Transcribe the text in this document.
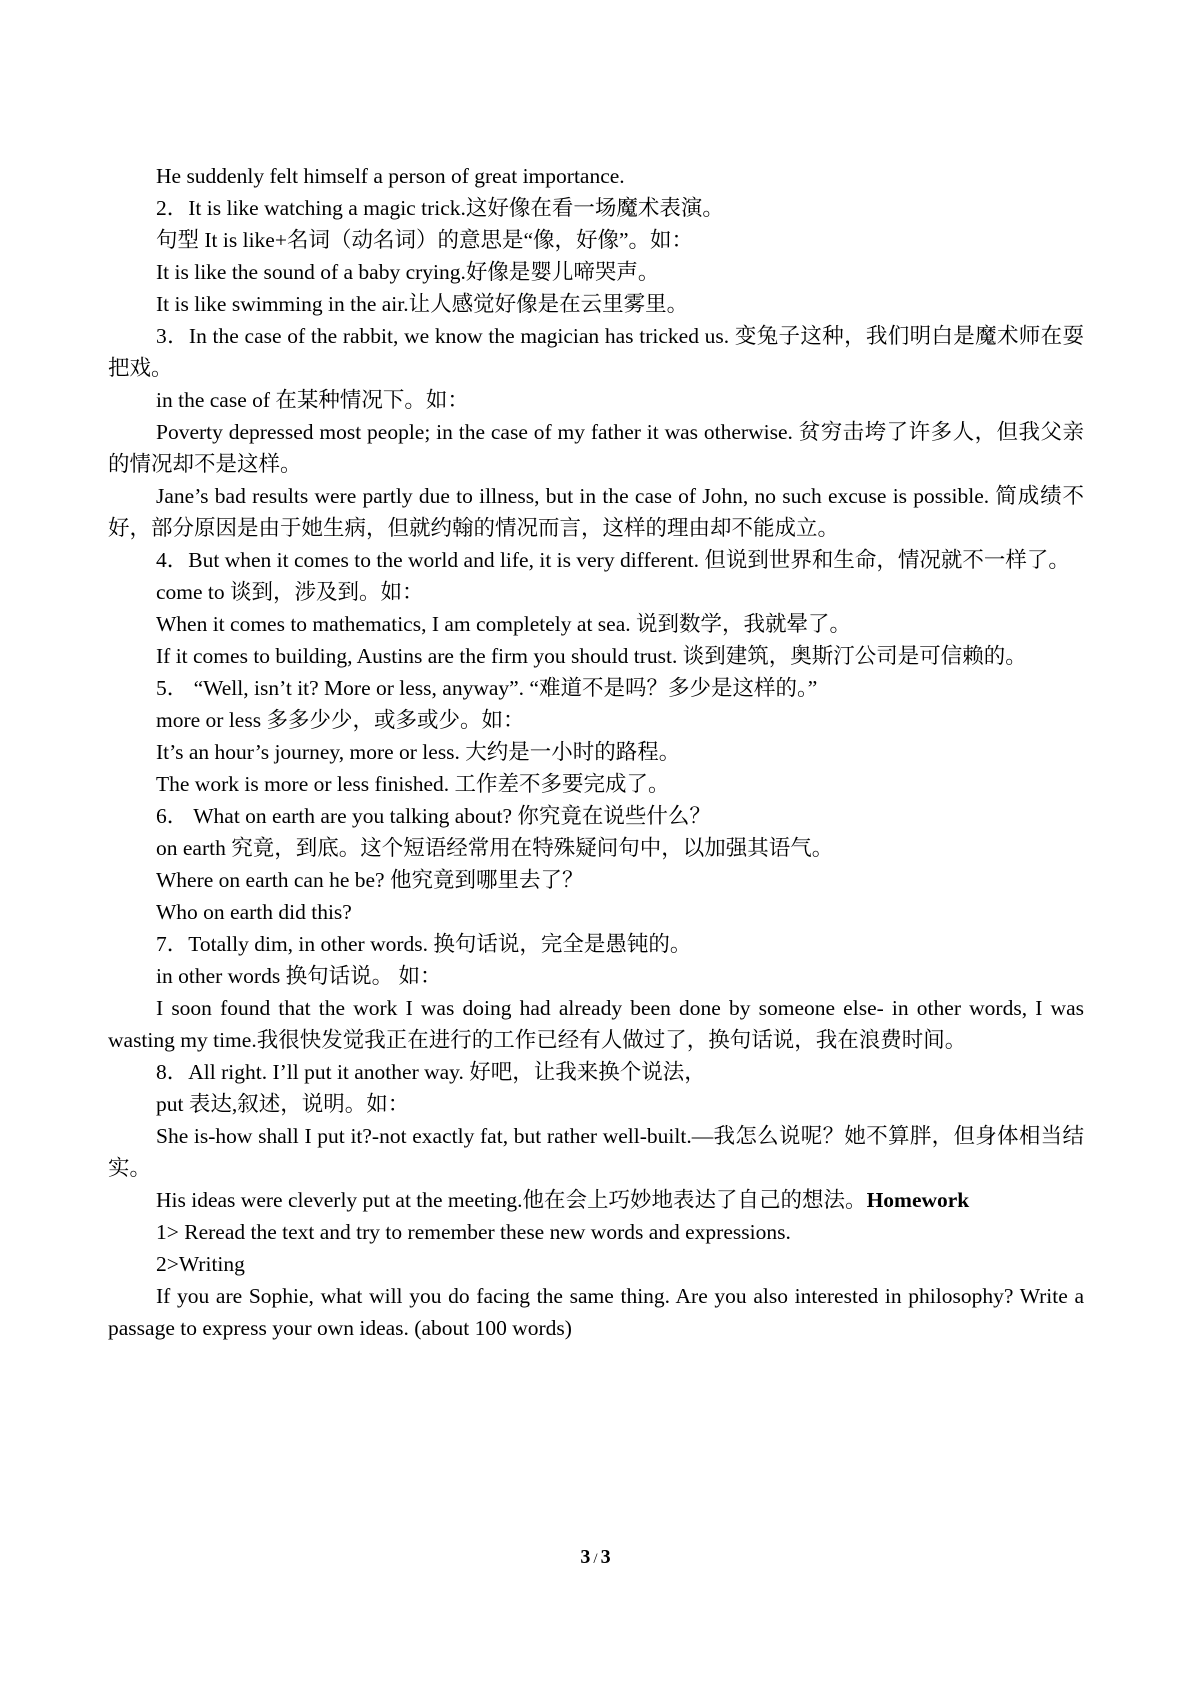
He suddenly felt himself a person of great importance.

2．It is like watching a magic trick.这好像在看一场魔术表演。

句型 It is like+名词（动名词）的意思是“像，好像”。如：

It is like the sound of a baby crying.好像是婴儿啼哭声。

It is like swimming in the air.让人感觉好像是在云里雾里。

3．In the case of the rabbit, we know the magician has tricked us. 变兔子这种，我们明白是魔术师在耍把戏。

in the case of 在某种情况下。如：

Poverty depressed most people; in the case of my father it was otherwise. 贫穷击垮了许多人，但我父亲的情况却不是这样。

Jane’s bad results were partly due to illness, but in the case of John, no such excuse is possible. 简成绩不好，部分原因是由于她生病，但就约翰的情况而言，这样的理由却不能成立。

4．But when it comes to the world and life, it is very different. 但说到世界和生命，情况就不一样了。

come to 谈到，涉及到。如：

When it comes to mathematics, I am completely at sea. 说到数学，我就晕了。

If it comes to building, Austins are the firm you should trust. 谈到建筑，奥斯汀公司是可信赖的。

5． “Well, isn’t it? More or less, anyway”. “难道不是吗？多少是这样的。”

more or less 多多少少，或多或少。如：

It’s an hour’s journey, more or less. 大约是一小时的路程。

The work is more or less finished. 工作差不多要完成了。

6． What on earth are you talking about? 你究竟在说些什么？

on earth 究竟，到底。这个短语经常用在特殊疑问句中，以加强其语气。

Where on earth can he be? 他究竟到哪里去了？

Who on earth did this?

7．Totally dim, in other words. 换句话说，完全是愚钝的。

in other words 换句话说。 如：

I soon found that the work I was doing had already been done by someone else- in other words, I was wasting my time.我很快发觉我正在进行的工作已经有人做过了，换句话说，我在浪费时间。

8．All right. I’ll put it another way. 好吧，让我来换个说法，

put 表达,叙述，说明。如：

She is-how shall I put it?-not exactly fat, but rather well-built.—我怎么说呢？她不算胖，但身体相当结实。

His ideas were cleverly put at the meeting.他在会上巧妙地表达了自己的想法。Homework

1> Reread the text and try to remember these new words and expressions.

2>Writing

If you are Sophie, what will you do facing the same thing. Are you also interested in philosophy? Write a passage to express your own ideas. (about 100 words)

3 / 3
